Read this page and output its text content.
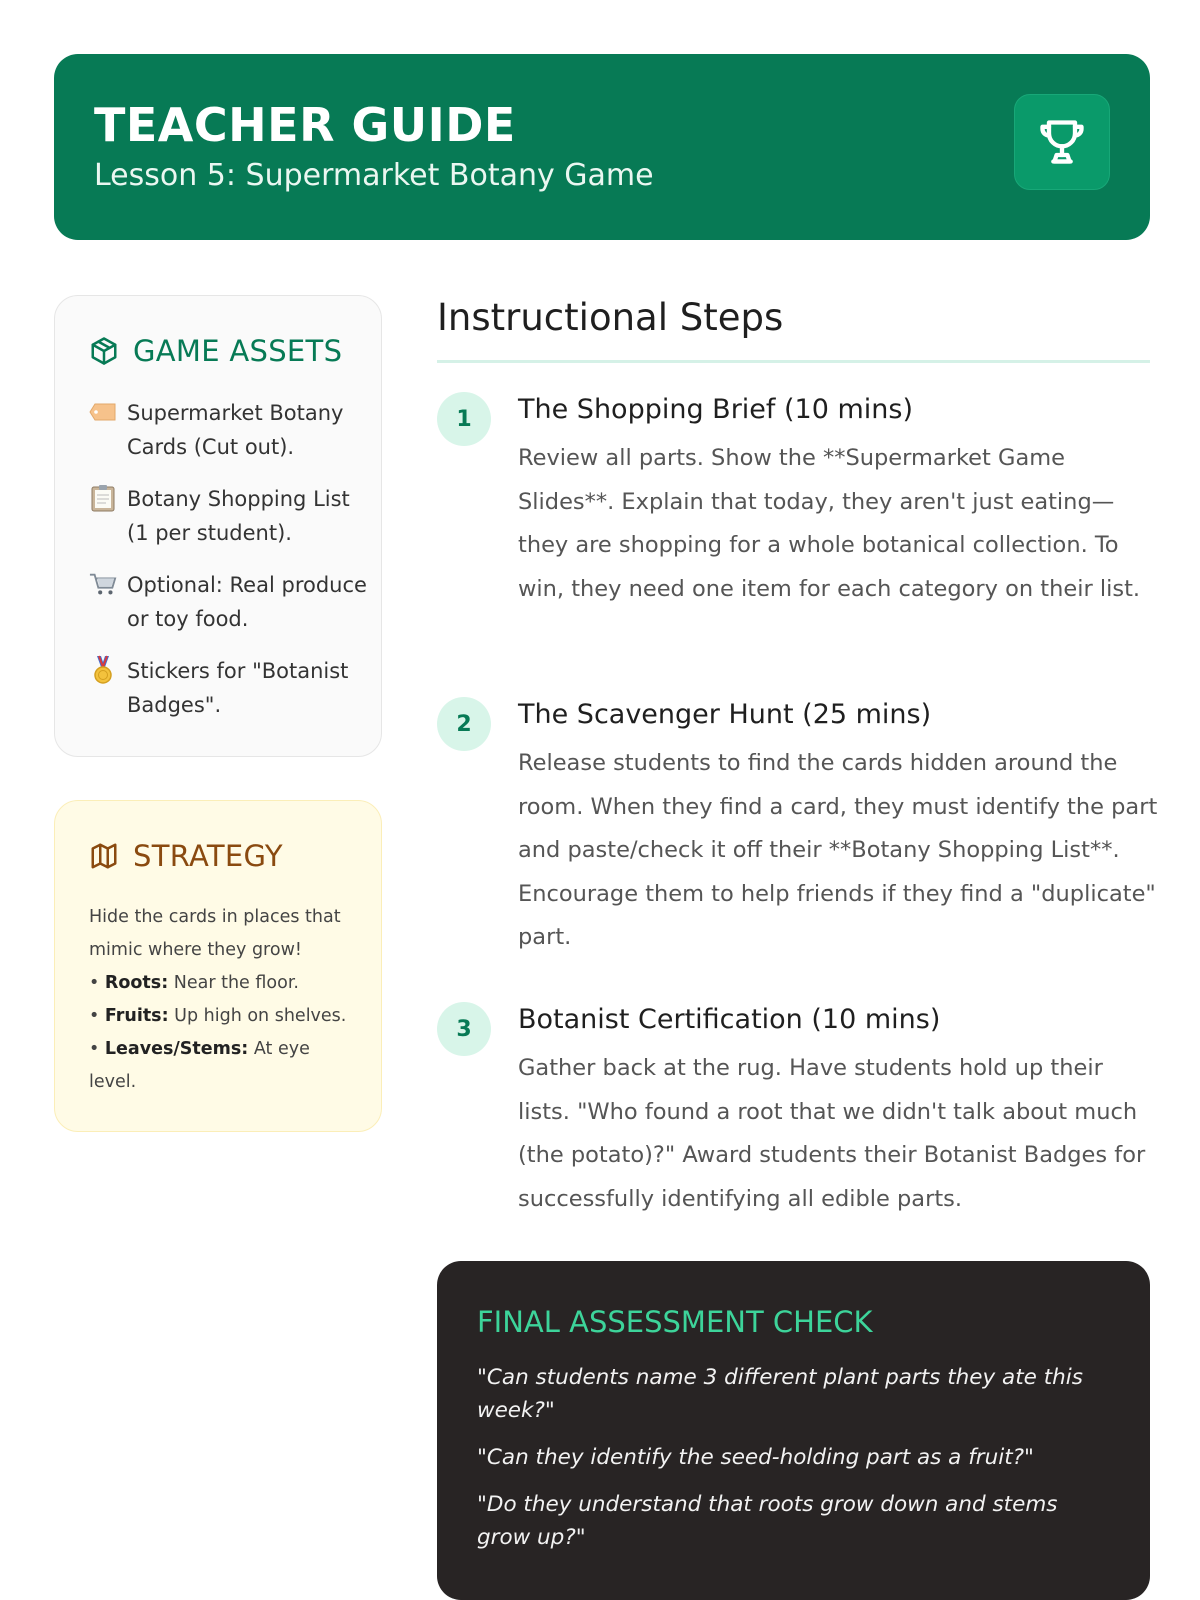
TEACHER GUIDE
Lesson 5: Supermarket Botany Game
GAME ASSETS
Supermarket Botany Cards (Cut out).
Botany Shopping List (1 per student).
Optional: Real produce or toy food.
Stickers for "Botanist Badges".
STRATEGY
Hide the cards in places that mimic where they grow!
• Roots: Near the floor.
• Fruits: Up high on shelves.
• Leaves/Stems: At eye level.
Instructional Steps
1	The Shopping Brief (10 mins)
Review all parts. Show the **Supermarket Game Slides**. Explain that today, they aren't just eating—they are shopping for a whole botanical collection. To win, they need one item for each category on their list.
2	The Scavenger Hunt (25 mins)
Release students to find the cards hidden around the room. When they find a card, they must identify the part and paste/check it off their **Botany Shopping List**. Encourage them to help friends if they find a "duplicate" part.
3	Botanist Certification (10 mins)
Gather back at the rug. Have students hold up their lists. "Who found a root that we didn't talk about much (the potato)?" Award students their Botanist Badges for successfully identifying all edible parts.
FINAL ASSESSMENT CHECK
"Can students name 3 different plant parts they ate this week?"
"Can they identify the seed-holding part as a fruit?"
"Do they understand that roots grow down and stems grow up?"
